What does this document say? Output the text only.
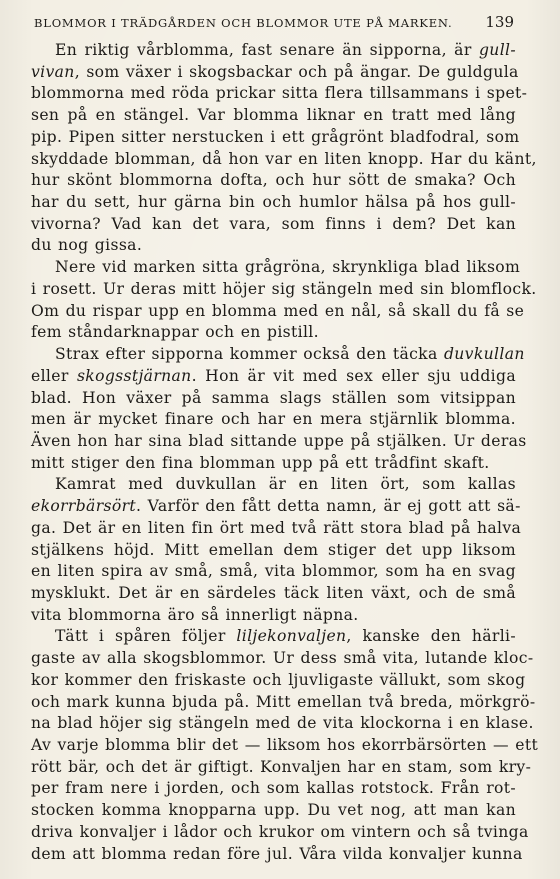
BLOMMOR I TRÄDGÅRDEN OCH BLOMMOR UTE PÅ MARKEN. 139
En riktig vårblomma, fast senare än sipporna, är gull-
vivan, som växer i skogsbackar och på ängar. De guldgula
blommorna med röda prickar sitta flera tillsammans i spet-
sen på en stängel. Var blomma liknar en tratt med lång
pip. Pipen sitter nerstucken i ett grågrönt bladfodral, som
skyddade blomman, då hon var en liten knopp. Har du känt,
hur skönt blommorna dofta, och hur sött de smaka? Och
har du sett, hur gärna bin och humlor hälsa på hos gull-
vivorna? Vad kan det vara, som finns i dem? Det kan
du nog gissa.
Nere vid marken sitta grågröna, skrynkliga blad liksom
i rosett. Ur deras mitt höjer sig stängeln med sin blomflock.
Om du rispar upp en blomma med en nål, så skall du få se
fem ståndarknappar och en pistill.
Strax efter sipporna kommer också den täcka duvkullan
eller skogsstjärnan. Hon är vit med sex eller sju uddiga
blad. Hon växer på samma slags ställen som vitsippan
men är mycket finare och har en mera stjärnlik blomma.
Även hon har sina blad sittande uppe på stjälken. Ur deras
mitt stiger den fina blomman upp på ett trådfint skaft.
Kamrat med duvkullan är en liten ört, som kallas
ekorrbärsört. Varför den fått detta namn, är ej gott att sä-
ga. Det är en liten fin ört med två rätt stora blad på halva
stjälkens höjd. Mitt emellan dem stiger det upp liksom
en liten spira av små, små, vita blommor, som ha en svag
mysklukt. Det är en särdeles täck liten växt, och de små
vita blommorna äro så innerligt näpna.
Tätt i spåren följer liljekonvaljen, kanske den härli-
gaste av alla skogsblommor. Ur dess små vita, lutande kloc-
kor kommer den friskaste och ljuvligaste vällukt, som skog
och mark kunna bjuda på. Mitt emellan två breda, mörkgrö-
na blad höjer sig stängeln med de vita klockorna i en klase.
Av varje blomma blir det — liksom hos ekorrbärsörten — ett
rött bär, och det är giftigt. Konvaljen har en stam, som kry-
per fram nere i jorden, och som kallas rotstock. Från rot-
stocken komma knopparna upp. Du vet nog, att man kan
driva konvaljer i lådor och krukor om vintern och så tvinga
dem att blomma redan före jul. Våra vilda konvaljer kunna
